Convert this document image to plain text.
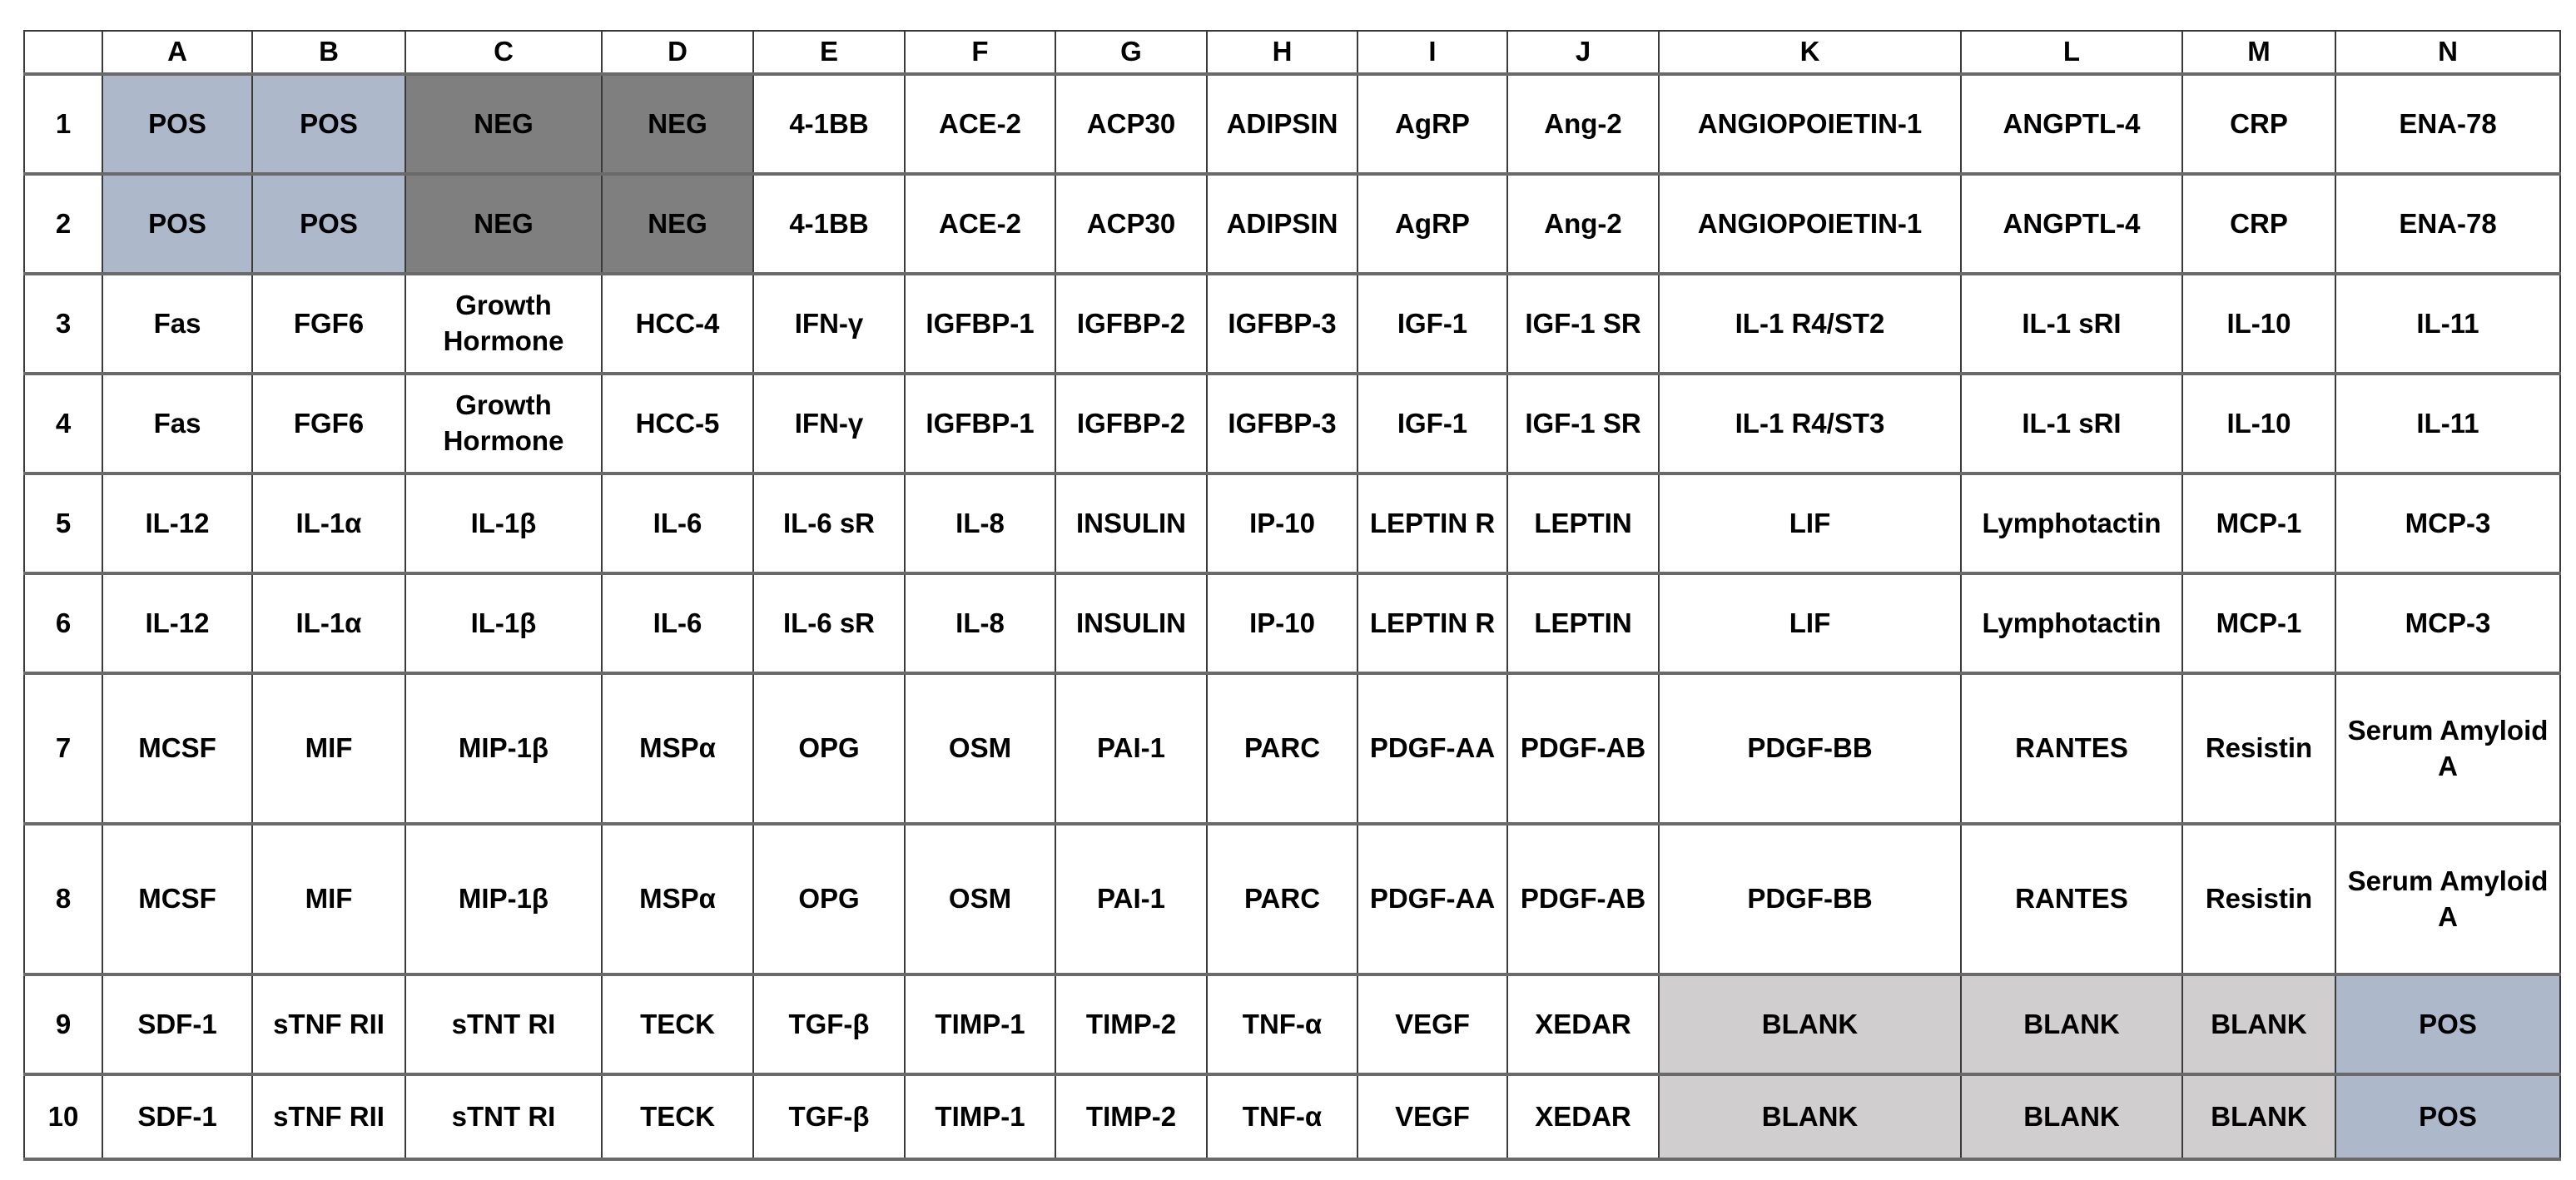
	A	B	C	D	E	F	G	H	I	J	K	L	M	N
1	POS	POS	NEG	NEG	4-1BB	ACE-2	ACP30	ADIPSIN	AgRP	Ang-2	ANGIOPOIETIN-1	ANGPTL-4	CRP	ENA-78
2	POS	POS	NEG	NEG	4-1BB	ACE-2	ACP30	ADIPSIN	AgRP	Ang-2	ANGIOPOIETIN-1	ANGPTL-4	CRP	ENA-78
3	Fas	FGF6	Growth Hormone	HCC-4	IFN-γ	IGFBP-1	IGFBP-2	IGFBP-3	IGF-1	IGF-1 SR	IL-1 R4/ST2	IL-1 sRI	IL-10	IL-11
4	Fas	FGF6	Growth Hormone	HCC-5	IFN-γ	IGFBP-1	IGFBP-2	IGFBP-3	IGF-1	IGF-1 SR	IL-1 R4/ST3	IL-1 sRI	IL-10	IL-11
5	IL-12	IL-1α	IL-1β	IL-6	IL-6 sR	IL-8	INSULIN	IP-10	LEPTIN R	LEPTIN	LIF	Lymphotactin	MCP-1	MCP-3
6	IL-12	IL-1α	IL-1β	IL-6	IL-6 sR	IL-8	INSULIN	IP-10	LEPTIN R	LEPTIN	LIF	Lymphotactin	MCP-1	MCP-3
7	MCSF	MIF	MIP-1β	MSPα	OPG	OSM	PAI-1	PARC	PDGF-AA	PDGF-AB	PDGF-BB	RANTES	Resistin	Serum Amyloid A
8	MCSF	MIF	MIP-1β	MSPα	OPG	OSM	PAI-1	PARC	PDGF-AA	PDGF-AB	PDGF-BB	RANTES	Resistin	Serum Amyloid A
9	SDF-1	sTNF RII	sTNT RI	TECK	TGF-β	TIMP-1	TIMP-2	TNF-α	VEGF	XEDAR	BLANK	BLANK	BLANK	POS
10	SDF-1	sTNF RII	sTNT RI	TECK	TGF-β	TIMP-1	TIMP-2	TNF-α	VEGF	XEDAR	BLANK	BLANK	BLANK	POS
